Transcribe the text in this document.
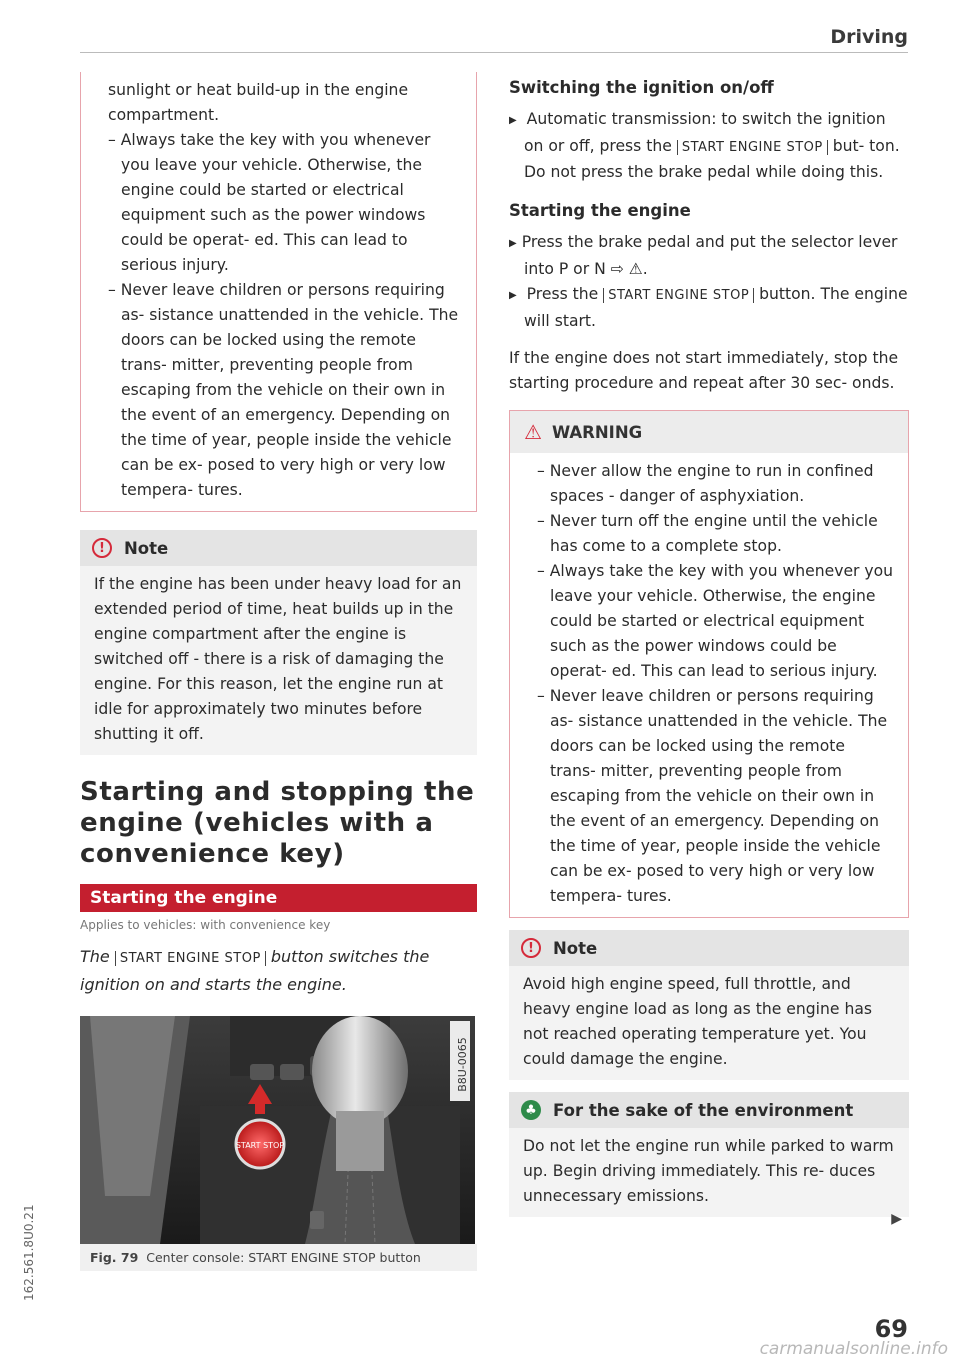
Driving

sunlight or heat build-up in the engine compartment.

– Always take the key with you whenever you leave your vehicle. Otherwise, the engine could be started or electrical equipment such as the power windows could be operat- ed. This can lead to serious injury.

– Never leave children or persons requiring as- sistance unattended in the vehicle. The doors can be locked using the remote trans- mitter, preventing people from escaping from the vehicle on their own in the event of an emergency. Depending on the time of year, people inside the vehicle can be ex- posed to very high or very low tempera- tures.

!	Note

If the engine has been under heavy load for an extended period of time, heat builds up in the engine compartment after the engine is switched off - there is a risk of damaging the engine. For this reason, let the engine run at idle for approximately two minutes before shutting it off.

Starting and stopping the engine (vehicles with a convenience key)
Starting the engine
Applies to vehicles: with convenience key

The START ENGINE STOP button switches the ignition on and starts the engine.

START STOP
B8U-0065
Fig. 79 Center console: START ENGINE STOP button
Switching the ignition on/off

▶ Automatic transmission: to switch the ignition on or off, press the START ENGINE STOP but- ton. Do not press the brake pedal while doing this.

Starting the engine

▶ Press the brake pedal and put the selector lever into P or N ⇨ ⚠.

▶ Press the START ENGINE STOP button. The engine will start.

If the engine does not start immediately, stop the starting procedure and repeat after 30 sec- onds.

⚠ WARNING

– Never allow the engine to run in confined spaces - danger of asphyxiation.

– Never turn off the engine until the vehicle has come to a complete stop.

– Always take the key with you whenever you leave your vehicle. Otherwise, the engine could be started or electrical equipment such as the power windows could be operat- ed. This can lead to serious injury.

– Never leave children or persons requiring as- sistance unattended in the vehicle. The doors can be locked using the remote trans- mitter, preventing people from escaping from the vehicle on their own in the event of an emergency. Depending on the time of year, people inside the vehicle can be ex- posed to very high or very low tempera- tures.

!	Note

Avoid high engine speed, full throttle, and heavy engine load as long as the engine has not reached operating temperature yet. You could damage the engine.

♣ For the sake of the environment

Do not let the engine run while parked to warm up. Begin driving immediately. This re- duces unnecessary emissions.

▶
162.561.8U0.21
69
carmanualsonline.info
